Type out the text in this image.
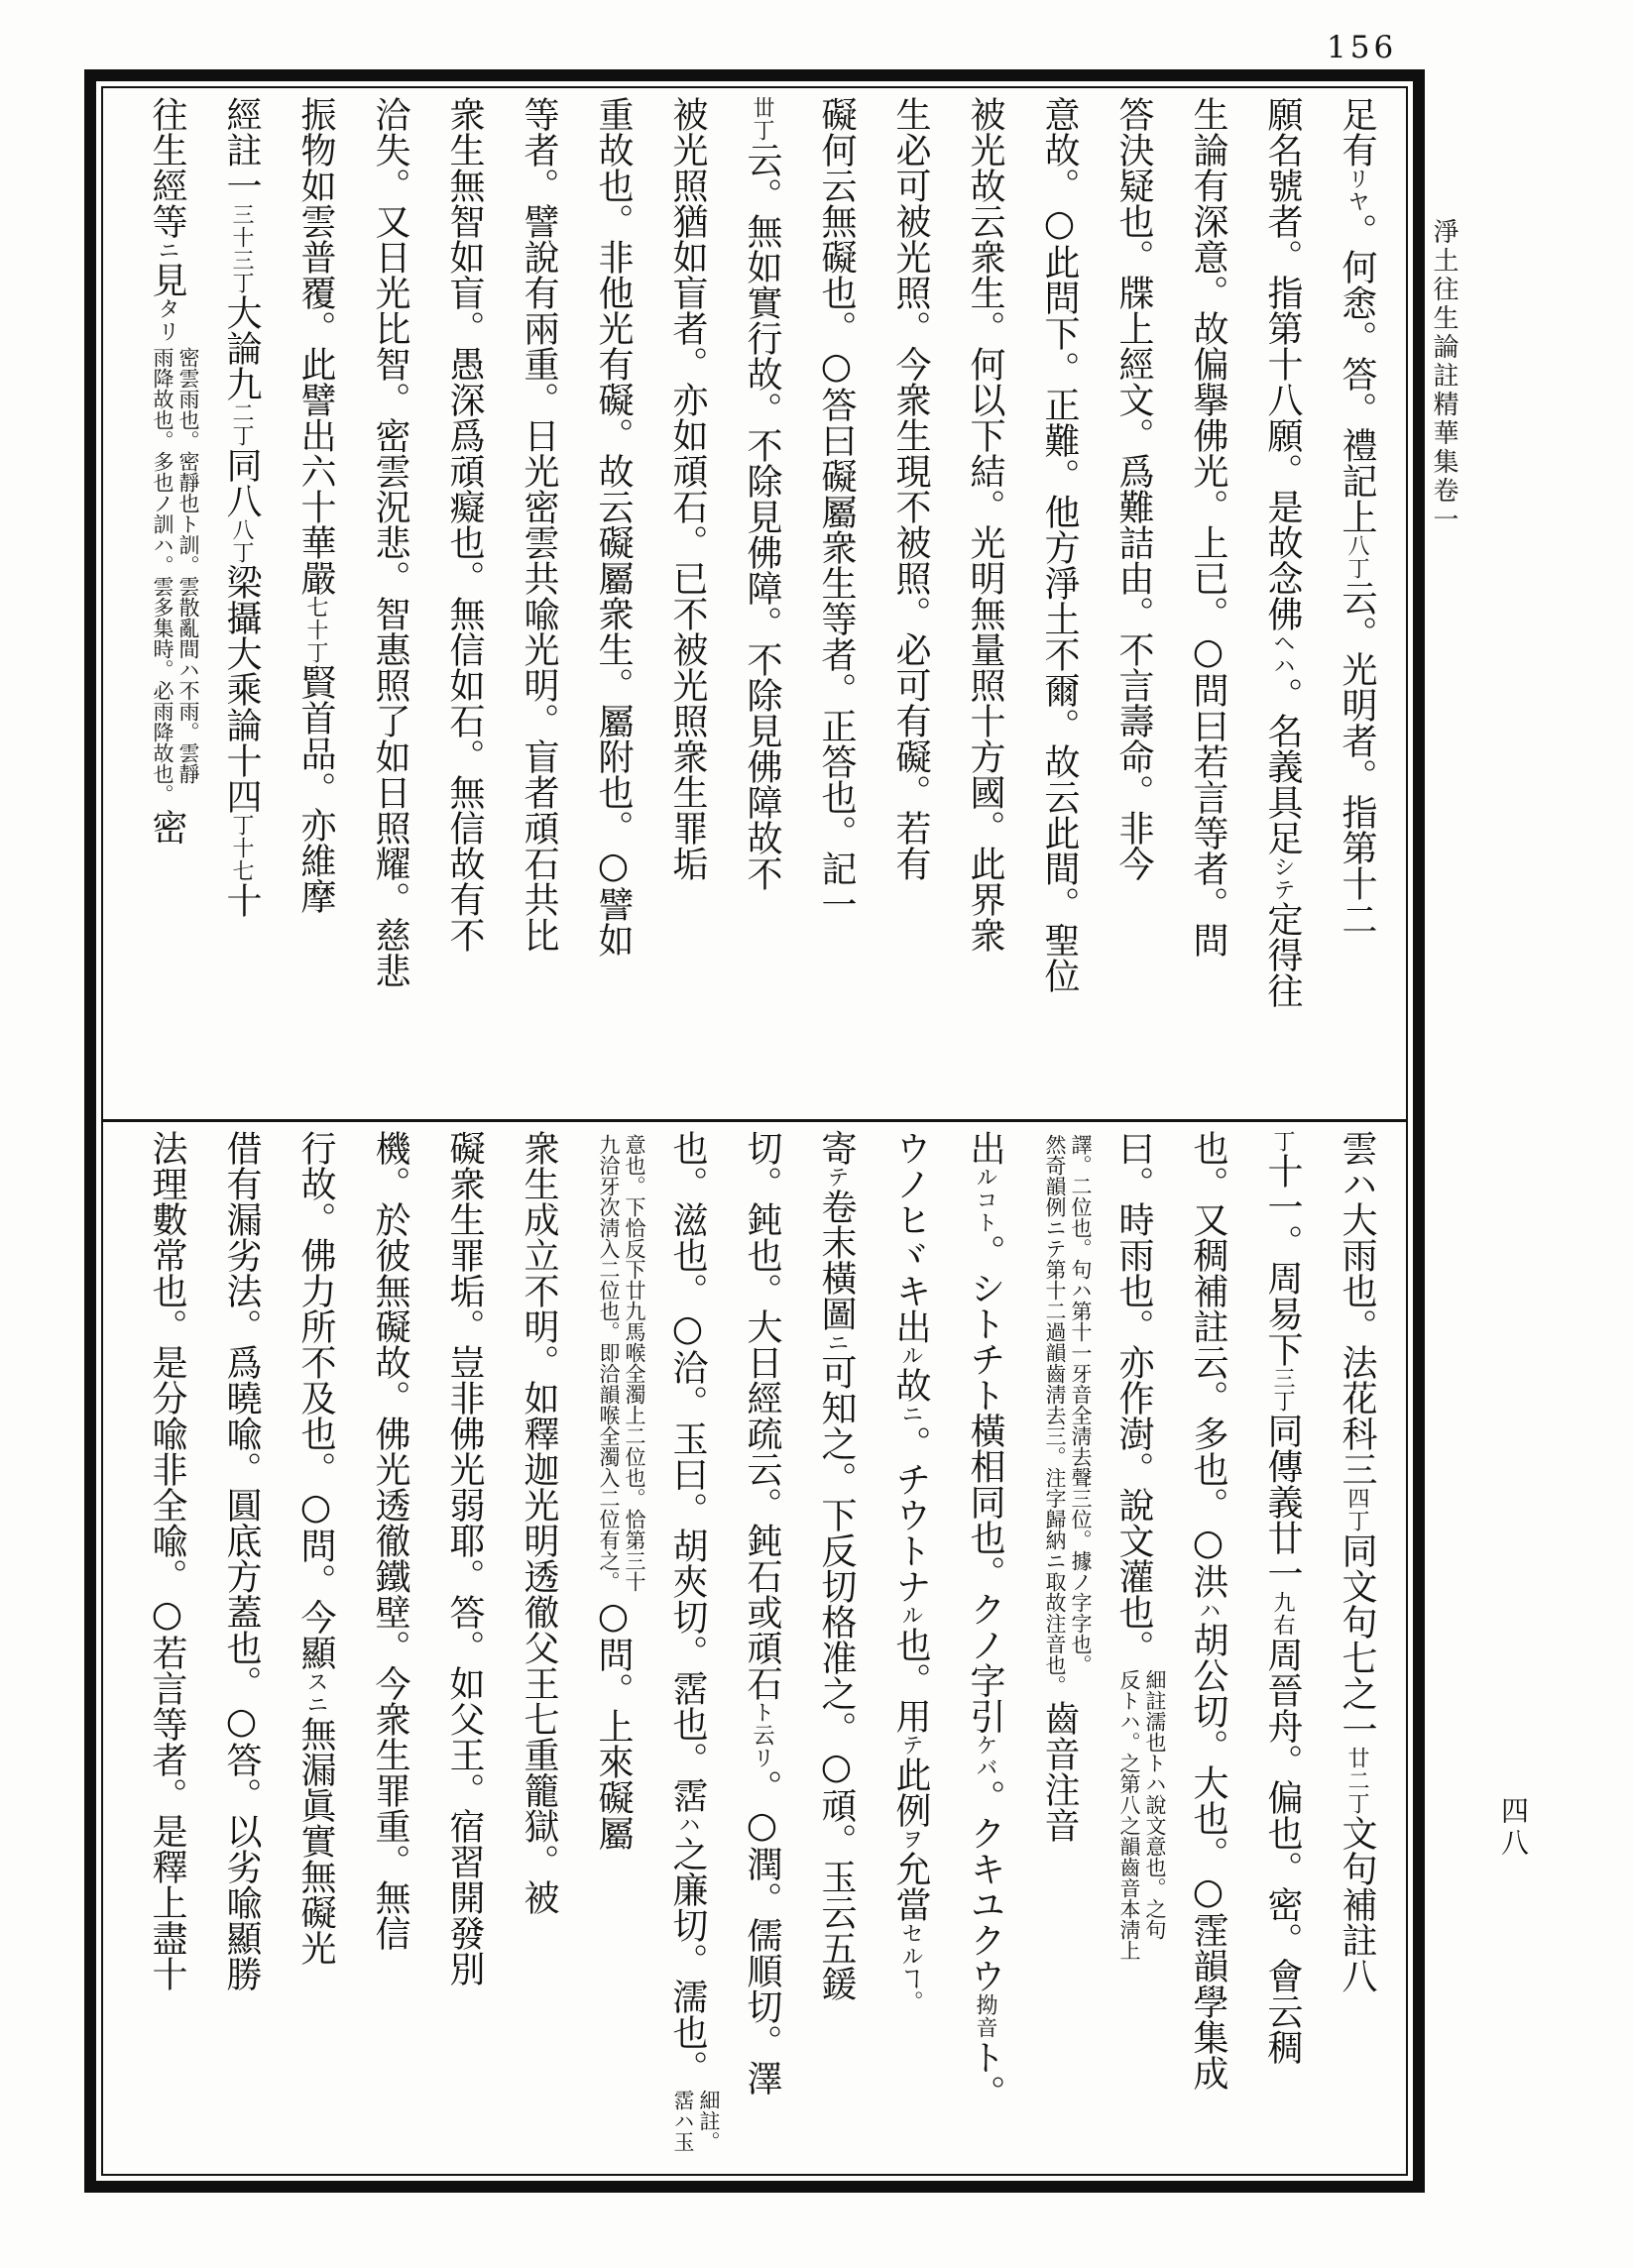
156
淨土往生論註精華集卷一
四八
足有リヤ。何悆。答。禮記上八丁云。光明者。指第十二
願名號者。指第十八願。是故念佛ヘハ。名義具足シテ定得往
生論有深意。故偏擧佛光。上已。○問曰若言等者。問
答決疑也。牒上經文。爲難詰由。不言壽命。非今
意故。○此問下。正難。他方淨土不爾。故云此間。聖位
被光故云衆生。何以下結。光明無量照十方國。此界衆
生必可被光照。今衆生現不被照。必可有礙。若有
礙何云無礙也。○答曰礙屬衆生等者。正答也。記一
丗丁云。無如實行故。不除見佛障。不除見佛障故不
被光照猶如盲者。亦如頑石。已不被光照衆生罪垢
重故也。非他光有礙。故云礙屬衆生。屬附也。○譬如
等者。譬說有兩重。日光密雲共喩光明。盲者頑石共比
衆生無智如盲。愚深爲頑癡也。無信如石。無信故有不
洽失。又日光比智。密雲況悲。智惠照了如日照耀。慈悲
振物如雲普覆。此譬出六十華嚴七十丁賢首品。亦維摩
經註一三十三丁大論九二丁同八八丁梁攝大乘論十四丁十七十
往生經等ニ見タリ
密雲雨也。密靜也ト訓。雲散亂間ハ不雨。雲靜
雨降故也。多也ノ訓ハ。雲多集時。必雨降故也。
密
雲ハ大雨也。法花科三四丁同文句七之一廿二丁文句補註八
丁十一。周易下三丁同傳義廿一九右周晉舟。偏也。密。會云稠
也。又稠補註云。多也。○洪ハ胡公切。大也。○霔韻學集成
曰。時雨也。亦作澍。說文灌也。
細註濡也トハ說文意也。之句
反トハ。之第八之韻齒音本淸上
譯。二位也。句ハ第十一牙音全淸去聲三位。據ノ字字也。
然奇韻例ニテ第十二過韻齒淸去三。注字歸納ニ取故注音也。
齒音注音
出ルコト。シトチト橫相同也。クノ字引ケバ。クキユクウ拗音ト。
ウノヒヾキ出ル故ニ。チウトナル也。用テ此例ヲ允當セルヿ。
寄テ卷末橫圖ニ可知之。下反切格准之。○頑。玉云五鍰
切。鈍也。大日經疏云。鈍石或頑石ト云リ。○潤。儒順切。澤
也。滋也。○洽。玉曰。胡夾切。霑也。霑ハ之廉切。濡也。
細註。
霑ハ玉
意也。下恰反下廿九馬喉全濁上二位也。恰第三十
九洽牙次淸入二位也。即洽韻喉全濁入二位有之。
○問。上來礙屬
衆生成立不明。如釋迦光明透徹父王七重籠獄。被
礙衆生罪垢。豈非佛光弱耶。答。如父王。宿習開發別
機。於彼無礙故。佛光透徹鐵壁。今衆生罪重。無信
行故。佛力所不及也。○問。今顯スニ無漏眞實無礙光
借有漏劣法。爲曉喩。圓底方蓋也。○答。以劣喩顯勝
法理數常也。是分喩非全喩。○若言等者。是釋上盡十
